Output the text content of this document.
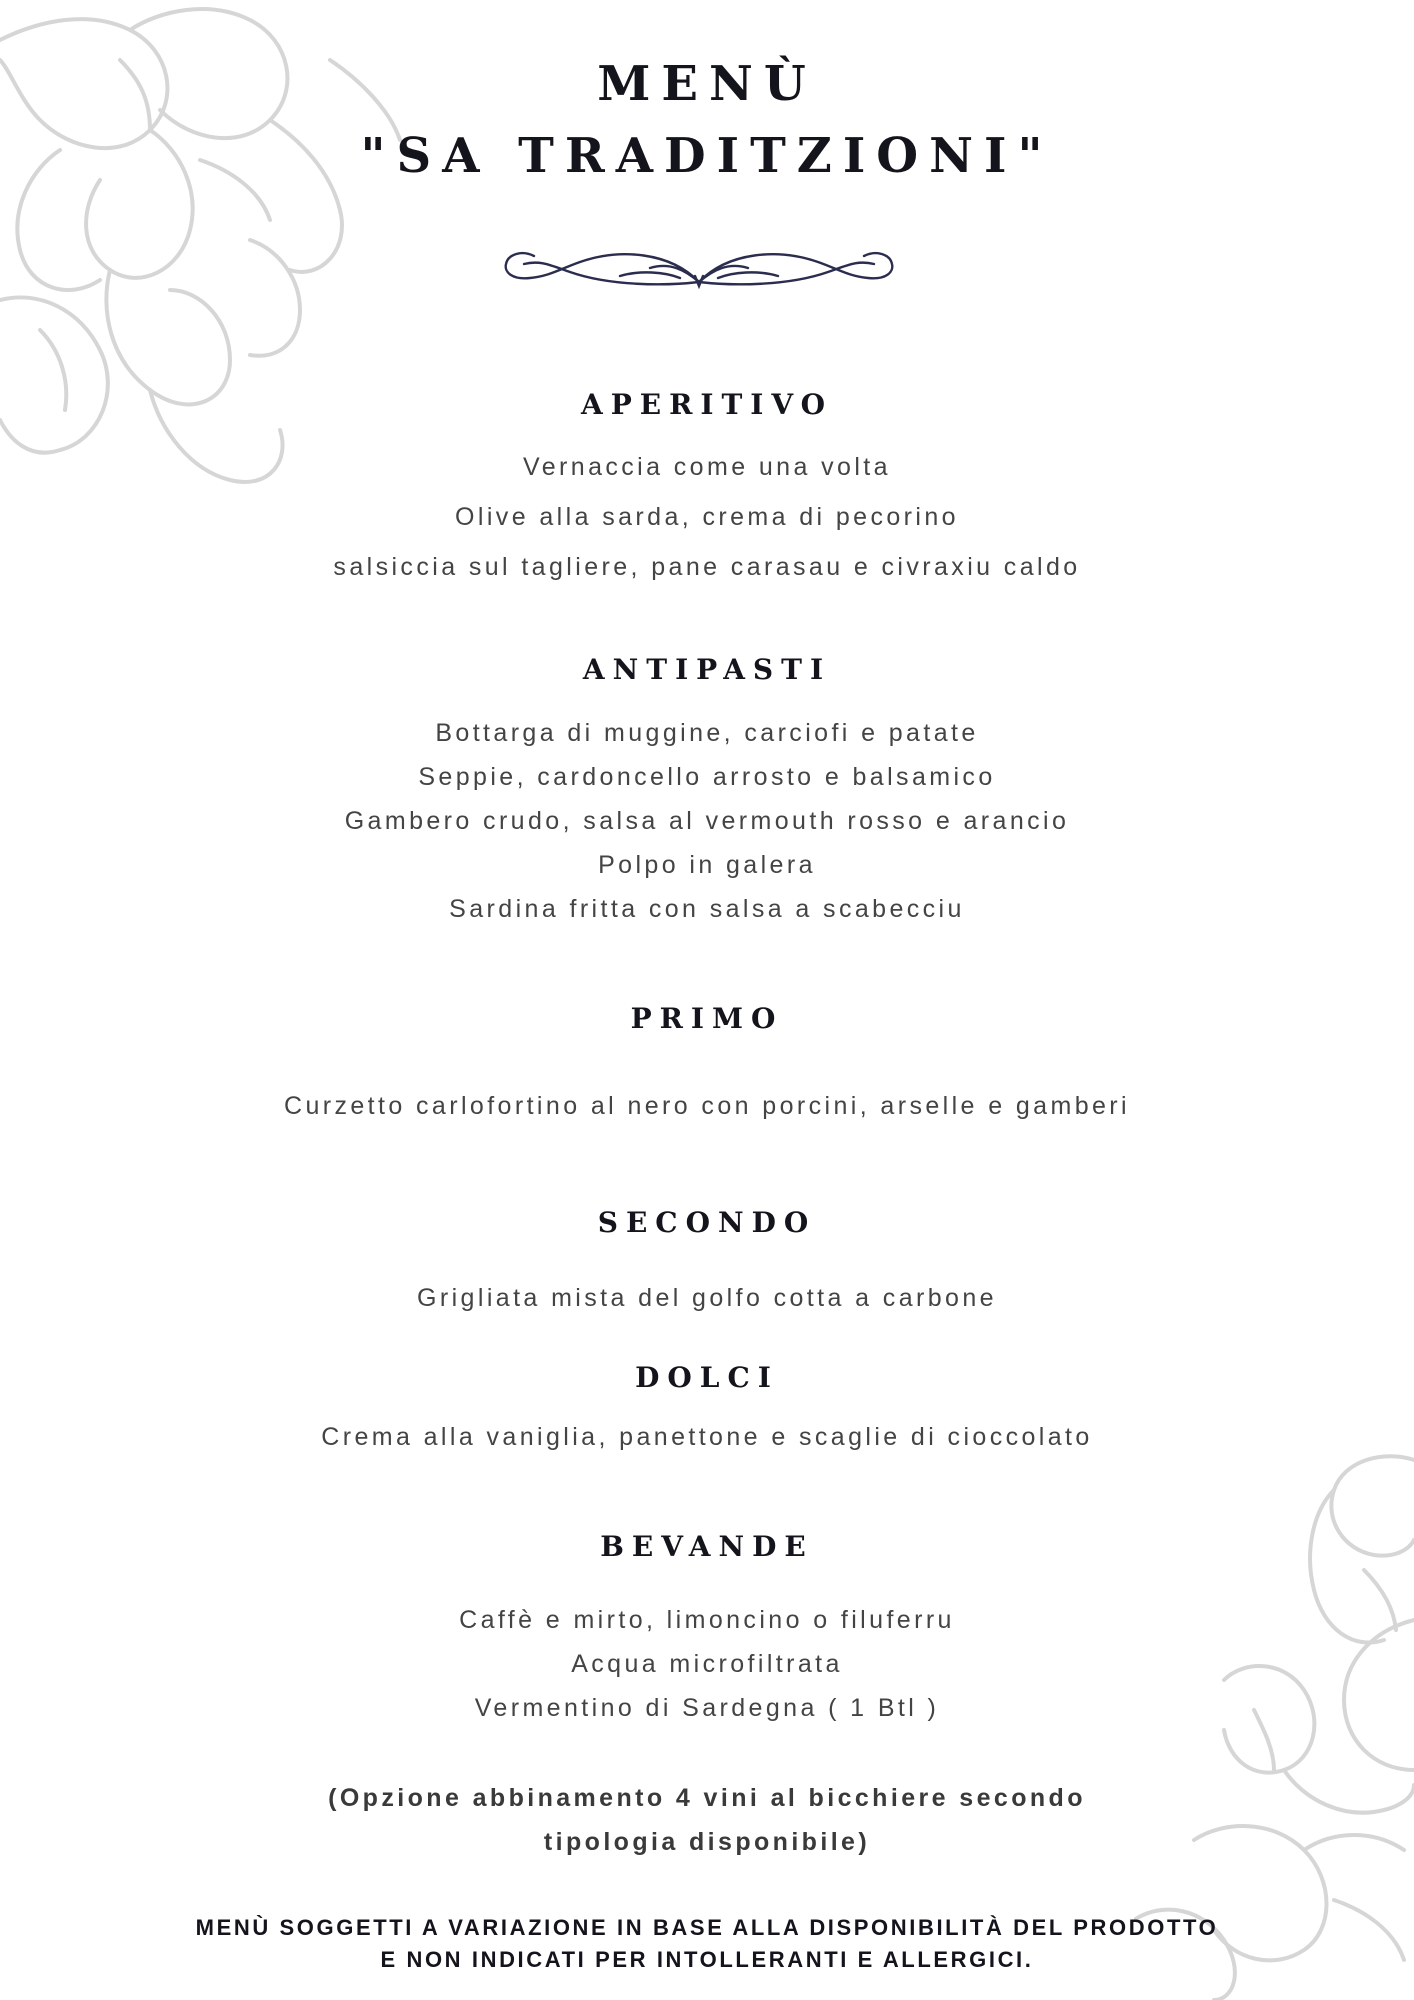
MENÙ
"SA TRADITZIONI"
APERITIVO
Vernaccia come una volta
Olive alla sarda, crema di pecorino
salsiccia sul tagliere, pane carasau e civraxiu caldo
ANTIPASTI
Bottarga di muggine, carciofi e patate
Seppie, cardoncello arrosto e balsamico
Gambero crudo, salsa al vermouth rosso e arancio
Polpo in galera
Sardina fritta con salsa a scabecciu
PRIMO
Curzetto carlofortino al nero con porcini, arselle e gamberi
SECONDO
Grigliata mista del golfo cotta a carbone
DOLCI
Crema alla vaniglia, panettone e scaglie di cioccolato
BEVANDE
Caffè e mirto, limoncino o filuferru
Acqua microfiltrata
Vermentino di Sardegna ( 1 Btl )
(Opzione abbinamento 4 vini al bicchiere secondo
tipologia disponibile)
MENÙ SOGGETTI A VARIAZIONE IN BASE ALLA DISPONIBILITÀ DEL PRODOTTO
E NON INDICATI PER INTOLLERANTI E ALLERGICI.
